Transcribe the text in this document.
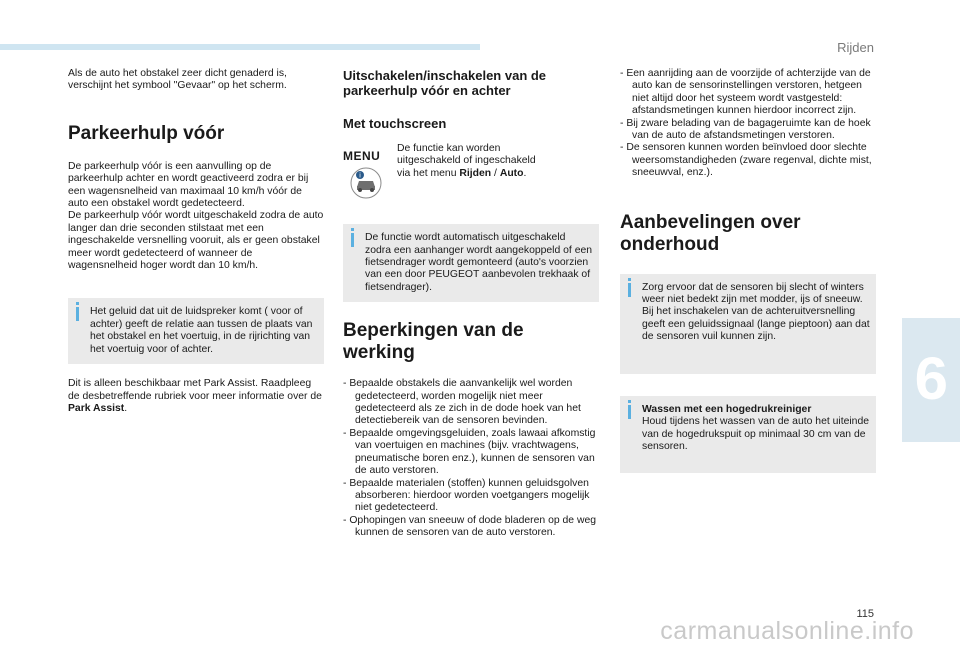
Rijden
6

Als de auto het obstakel zeer dicht genaderd is, verschijnt het symbool "Gevaar" op het scherm.

Parkeerhulp vóór

De parkeerhulp vóór is een aanvulling op de parkeerhulp achter en wordt geactiveerd zodra er bij een wagensnelheid van maximaal 10 km/h vóór de auto een obstakel wordt gedetecteerd.

De parkeerhulp vóór wordt uitgeschakeld zodra de auto langer dan drie seconden stilstaat met een ingeschakelde versnelling vooruit, als er geen obstakel meer wordt gedetecteerd of wanneer de wagensnelheid hoger wordt dan 10 km/h.

Het geluid dat uit de luidspreker komt ( voor of achter) geeft de relatie aan tussen de plaats van het obstakel en het voertuig, in de rijrichting van het voertuig voor of achter.

Dit is alleen beschikbaar met Park Assist. Raadpleeg de desbetreffende rubriek voor meer informatie over de Park Assist.

Uitschakelen/inschakelen van de parkeerhulp vóór en achter
Met touchscreen
MENU
i

De functie kan worden uitgeschakeld of ingeschakeld via het menu Rijden / Auto.

De functie wordt automatisch uitgeschakeld zodra een aanhanger wordt aangekoppeld of een fietsendrager wordt gemonteerd (auto's voorzien van een door PEUGEOT aanbevolen trekhaak of fietsendrager).
Beperkingen van de werking

- Bepaalde obstakels die aanvankelijk wel worden gedetecteerd, worden mogelijk niet meer gedetecteerd als ze zich in de dode hoek van het detectiebereik van de sensoren bevinden.

- Bepaalde omgevingsgeluiden, zoals lawaai afkomstig van voertuigen en machines (bijv. vrachtwagens, pneumatische boren enz.), kunnen de sensoren van de auto verstoren.

- Bepaalde materialen (stoffen) kunnen geluidsgolven absorberen: hierdoor worden voetgangers mogelijk niet gedetecteerd.

- Ophopingen van sneeuw of dode bladeren op de weg kunnen de sensoren van de auto verstoren.

- Een aanrijding aan de voorzijde of achterzijde van de auto kan de sensorinstellingen verstoren, hetgeen niet altijd door het systeem wordt vastgesteld: afstandsmetingen kunnen hierdoor incorrect zijn.

- Bij zware belading van de bagageruimte kan de hoek van de auto de afstandsmetingen verstoren.

- De sensoren kunnen worden beïnvloed door slechte weersomstandigheden (zware regenval, dichte mist, sneeuwval, enz.).

Aanbevelingen over onderhoud
Zorg ervoor dat de sensoren bij slecht of winters weer niet bedekt zijn met modder, ijs of sneeuw. Bij het inschakelen van de achteruitversnelling geeft een geluidssignaal (lange pieptoon) aan dat de sensoren vuil kunnen zijn.
Wassen met een hogedrukreiniger
Houd tijdens het wassen van de auto het uiteinde van de hogedrukspuit op minimaal 30 cm van de sensoren.
115
carmanualsonline.info
